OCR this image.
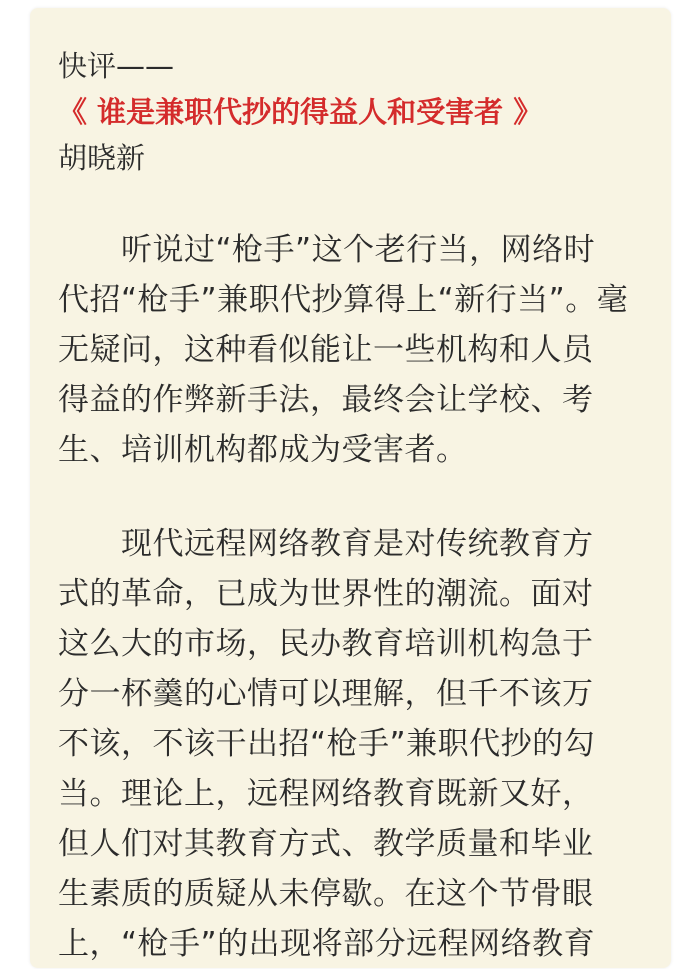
快评——
《 谁是兼职代抄的得益人和受害者 》
胡晓新
　　听说过“枪手”这个老行当，网络时
代招“枪手”兼职代抄算得上“新行当”。毫
无疑问，这种看似能让一些机构和人员
得益的作弊新手法，最终会让学校、考
生、培训机构都成为受害者。
　　现代远程网络教育是对传统教育方
式的革命，已成为世界性的潮流。面对
这么大的市场，民办教育培训机构急于
分一杯羹的心情可以理解，但千不该万
不该，不该干出招“枪手”兼职代抄的勾
当。理论上，远程网络教育既新又好，
但人们对其教育方式、教学质量和毕业
生素质的质疑从未停歇。在这个节骨眼
上，“枪手”的出现将部分远程网络教育
